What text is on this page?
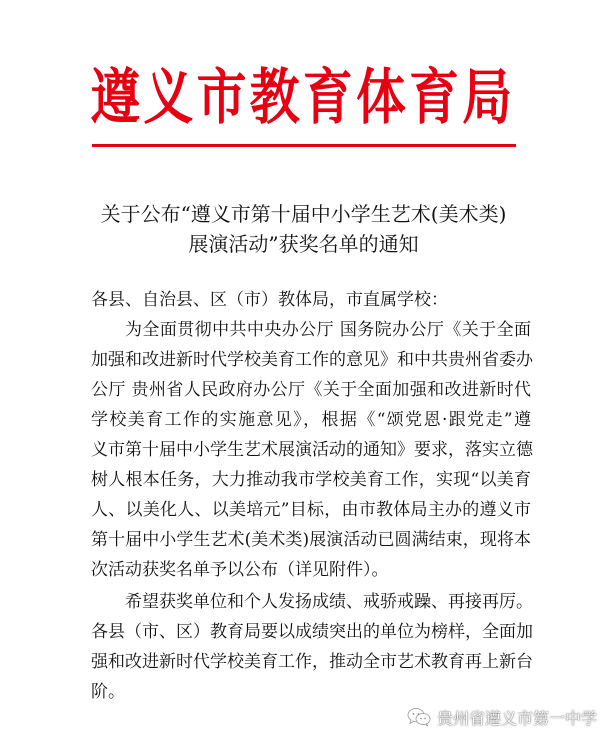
遵义市教育体育局
关于公布“遵义市第十届中小学生艺术(美术类)
展演活动”获奖名单的通知
各县、自治县、区（市）教体局，市直属学校：
为全面贯彻中共中央办公厅 国务院办公厅《关于全面
加强和改进新时代学校美育工作的意见》和中共贵州省委办
公厅 贵州省人民政府办公厅《关于全面加强和改进新时代
学校美育工作的实施意见》，根据《“颂党恩·跟党走”遵
义市第十届中小学生艺术展演活动的通知》要求，落实立德
树人根本任务，大力推动我市学校美育工作，实现“以美育
人、以美化人、以美培元”目标，由市教体局主办的遵义市
第十届中小学生艺术(美术类)展演活动已圆满结束，现将本
次活动获奖名单予以公布（详见附件）。
希望获奖单位和个人发扬成绩、戒骄戒躁、再接再厉。
各县（市、区）教育局要以成绩突出的单位为榜样，全面加
强和改进新时代学校美育工作，推动全市艺术教育再上新台
阶。
贵州省遵义市第一中学
